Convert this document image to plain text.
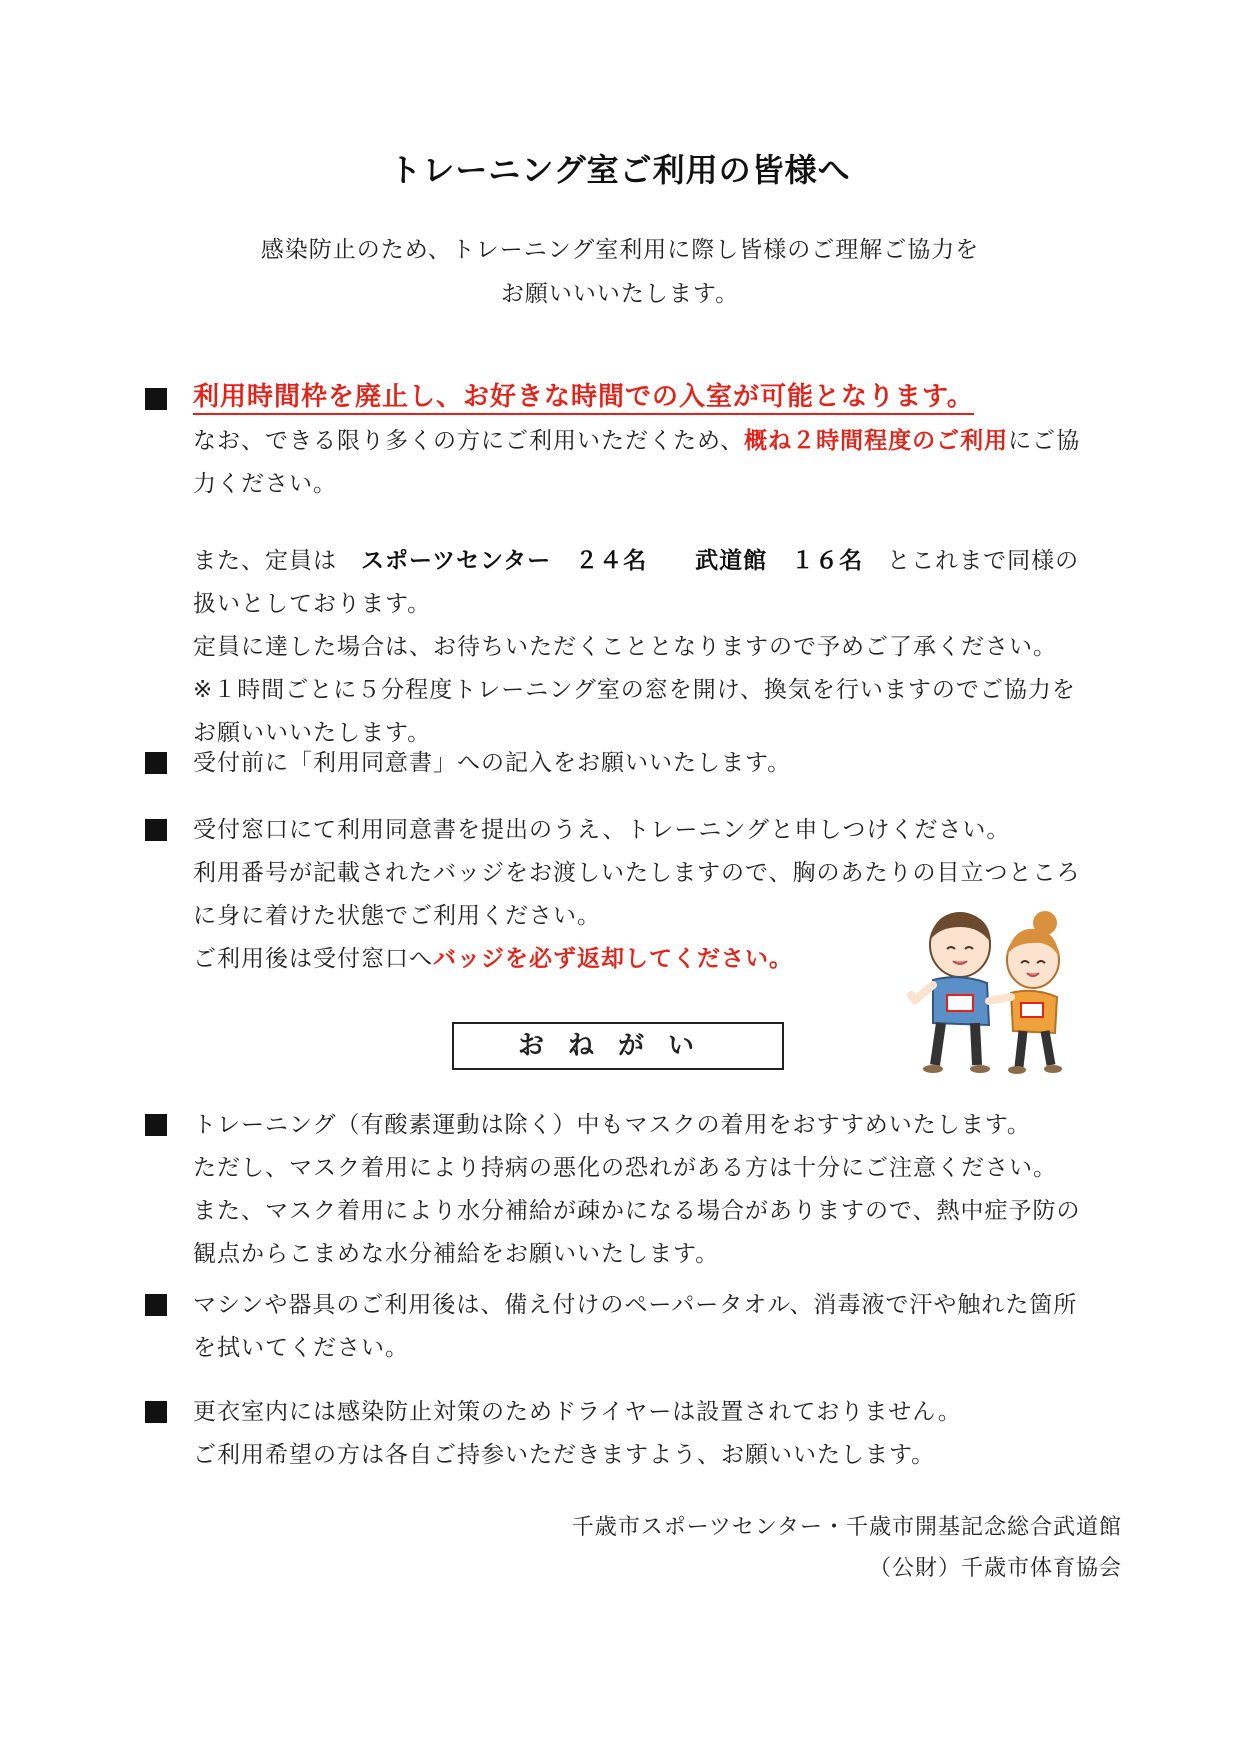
トレーニング室ご利用の皆様へ
感染防止のため、トレーニング室利用に際し皆様のご理解ご協力を
お願いいいたします。
利用時間枠を廃止し、お好きな時間での入室が可能となります。
なお、できる限り多くの方にご利用いただくため、概ね２時間程度のご利用にご協
力ください。
また、定員は　スポーツセンター　２４名　　武道館　１６名　とこれまで同様の
扱いとしております。
定員に達した場合は、お待ちいただくこととなりますので予めご了承ください。
※１時間ごとに５分程度トレーニング室の窓を開け、換気を行いますのでご協力を
お願いいいたします。
受付前に「利用同意書」への記入をお願いいたします。
受付窓口にて利用同意書を提出のうえ、トレーニングと申しつけください。
利用番号が記載されたバッジをお渡しいたしますので、胸のあたりの目立つところ
に身に着けた状態でご利用ください。
ご利用後は受付窓口へバッジを必ず返却してください。
おねがい
トレーニング（有酸素運動は除く）中もマスクの着用をおすすめいたします。
ただし、マスク着用により持病の悪化の恐れがある方は十分にご注意ください。
また、マスク着用により水分補給が疎かになる場合がありますので、熱中症予防の
観点からこまめな水分補給をお願いいたします。
マシンや器具のご利用後は、備え付けのペーパータオル、消毒液で汗や触れた箇所
を拭いてください。
更衣室内には感染防止対策のためドライヤーは設置されておりません。
ご利用希望の方は各自ご持参いただきますよう、お願いいたします。
千歳市スポーツセンター・千歳市開基記念総合武道館
（公財）千歳市体育協会
